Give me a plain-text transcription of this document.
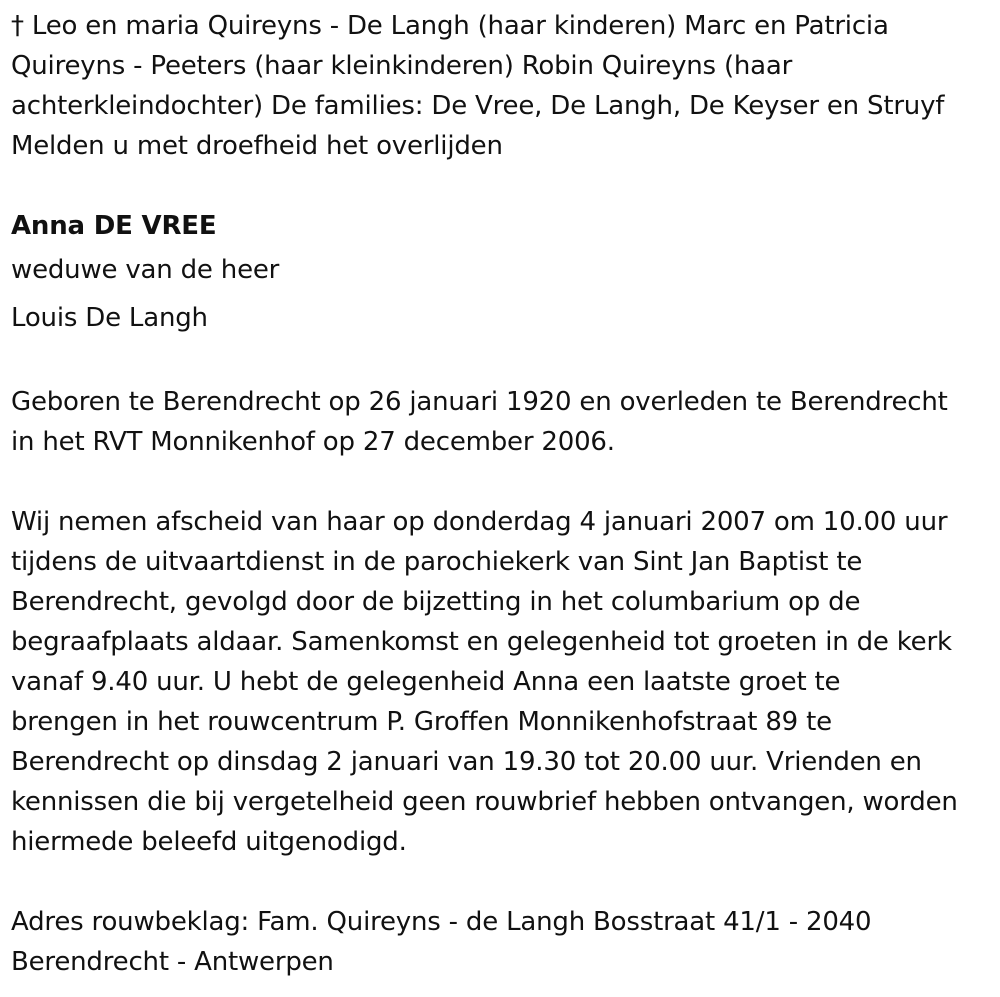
† Leo en maria Quireyns - De Langh (haar kinderen) Marc en Patricia
Quireyns - Peeters (haar kleinkinderen) Robin Quireyns (haar
achterkleindochter) De families: De Vree, De Langh, De Keyser en Struyf
Melden u met droefheid het overlijden

Anna DE VREE

weduwe van de heer

Louis De Langh

Geboren te Berendrecht op 26 januari 1920 en overleden te Berendrecht
in het RVT Monnikenhof op 27 december 2006.

Wij nemen afscheid van haar op donderdag 4 januari 2007 om 10.00 uur
tijdens de uitvaartdienst in de parochiekerk van Sint Jan Baptist te
Berendrecht, gevolgd door de bijzetting in het columbarium op de
begraafplaats aldaar. Samenkomst en gelegenheid tot groeten in de kerk
vanaf 9.40 uur. U hebt de gelegenheid Anna een laatste groet te
brengen in het rouwcentrum P. Groffen Monnikenhofstraat 89 te
Berendrecht op dinsdag 2 januari van 19.30 tot 20.00 uur. Vrienden en
kennissen die bij vergetelheid geen rouwbrief hebben ontvangen, worden
hiermede beleefd uitgenodigd.

Adres rouwbeklag: Fam. Quireyns - de Langh Bosstraat 41/1 - 2040
Berendrecht - Antwerpen
